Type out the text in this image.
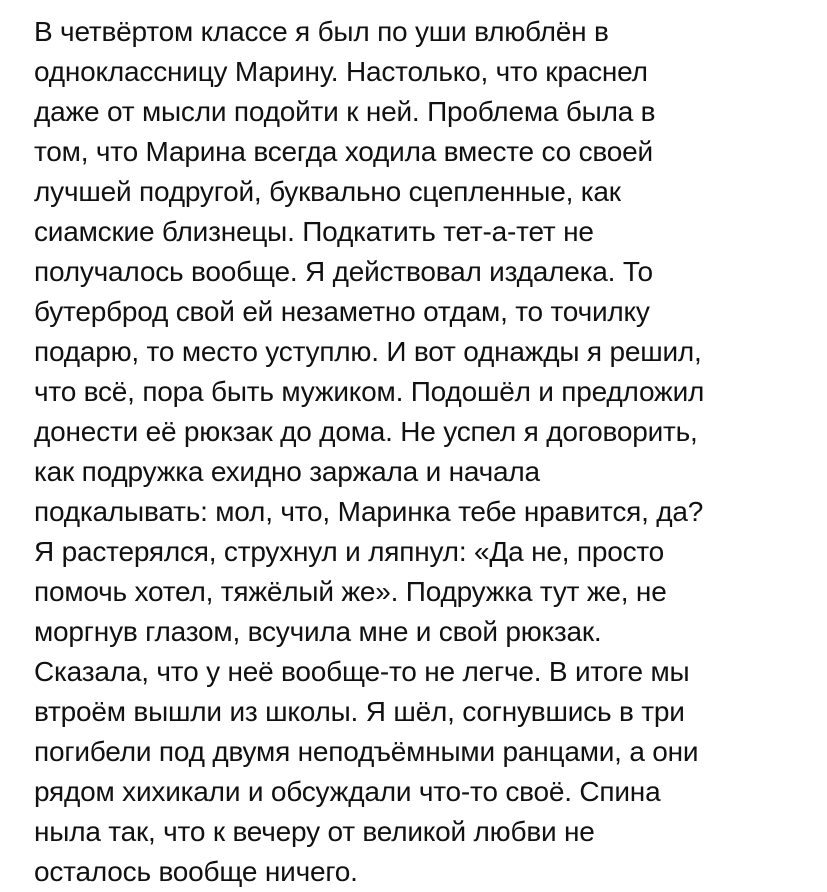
В четвёртом классе я был по уши влюблён в
одноклассницу Марину. Настолько, что краснел
даже от мысли подойти к ней. Проблема была в
том, что Марина всегда ходила вместе со своей
лучшей подругой, буквально сцепленные, как
сиамские близнецы. Подкатить тет-а-тет не
получалось вообще. Я действовал издалека. То
бутерброд свой ей незаметно отдам, то точилку
подарю, то место уступлю. И вот однажды я решил,
что всё, пора быть мужиком. Подошёл и предложил
донести её рюкзак до дома. Не успел я договорить,
как подружка ехидно заржала и начала
подкалывать: мол, что, Маринка тебе нравится, да?
Я растерялся, струхнул и ляпнул: «Да не, просто
помочь хотел, тяжёлый же». Подружка тут же, не
моргнув глазом, всучила мне и свой рюкзак.
Сказала, что у неё вообще-то не легче. В итоге мы
втроём вышли из школы. Я шёл, согнувшись в три
погибели под двумя неподъёмными ранцами, а они
рядом хихикали и обсуждали что-то своё. Спина
ныла так, что к вечеру от великой любви не
осталось вообще ничего.
